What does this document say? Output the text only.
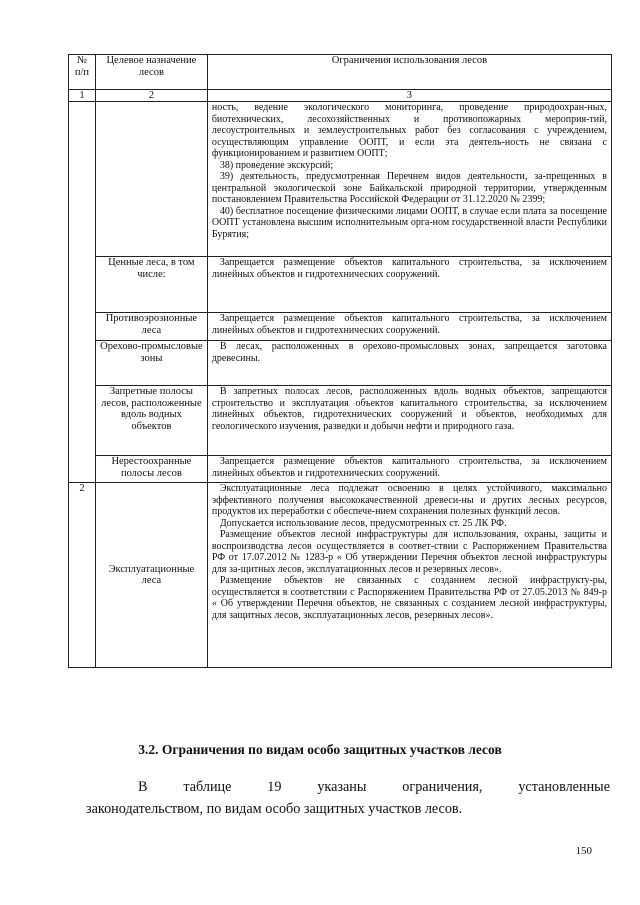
№ п/п	Целевое назначение лесов	Ограничения использования лесов
1	2	3

		ность, ведение экологического мониторинга, проведение природоохран-ных, биотехнических, лесохозяйственных и противопожарных мероприя-тий, лесоустроительных и землеустроительных работ без согласования с учреждением, осуществляющим управление ООПТ, и если эта деятель-ность не связана с функционированием и развитием ООПТ;

38) проведение экскурсий;

39) деятельность, предусмотренная Перечнем видов деятельности, за-прещенных в центральной экологической зоне Байкальской природной территории, утвержденным постановлением Правительства Российской Федерации от 31.12.2020 № 2399;

40) бесплатное посещение физическими лицами ООПТ, в случае если плата за посещение ООПТ установлена высшим исполнительным орга-ном государственной власти Республики Бурятия;

	Ценные леса, в том числе:	Запрещается размещение объектов капитального строительства, за исключением линейных объектов и гидротехнических сооружений.

	Противоэрозионные леса	Запрещается размещение объектов капитального строительства, за исключением линейных объектов и гидротехнических сооружений.

	Орехово-промысловые зоны	В лесах, расположенных в орехово-промысловых зонах, запрещается заготовка древесины.

	Запретные полосы лесов, расположенные вдоль водных объектов	В запретных полосах лесов, расположенных вдоль водных объектов, запрещаются строительство и эксплуатация объектов капитального строительства, за исключением линейных объектов, гидротехнических сооружений и объектов, необходимых для геологического изучения, разведки и добычи нефти и природного газа.

	Нерестоохранные полосы лесов	Запрещается размещение объектов капитального строительства, за исключением линейных объектов и гидротехнических сооружений.

2	Эксплуатационные леса	Эксплуатационные леса подлежат освоению в целях устойчивого, максимально эффективного получения высококачественной древеси-ны и других лесных ресурсов, продуктов их переработки с обеспече-нием сохранения полезных функций лесов.

Допускается использование лесов, предусмотренных ст. 25 ЛК РФ.

Размещение объектов лесной инфраструктуры для использования, охраны, защиты и воспроизводства лесов осуществляется в соответ-ствии с Распоряжением Правительства РФ от 17.07.2012 № 1283-р « Об утверждении Перечня объектов лесной инфраструктуры для за-щитных лесов, эксплуатационных лесов и резервных лесов».

Размещение объектов не связанных с созданием лесной инфраструкту-ры, осуществляется в соответствии с Распоряжением Правительства РФ от 27.05.2013 № 849-р « Об утверждении Перечня объектов, не связанных с созданием лесной инфраструктуры, для защитных лесов, эксплуатационных лесов, резервных лесов».

3.2. Ограничения по видам особо защитных участков лесов
В таблице 19 указаны ограничения, установленные
законодательством, по видам особо защитных участков лесов.
150
